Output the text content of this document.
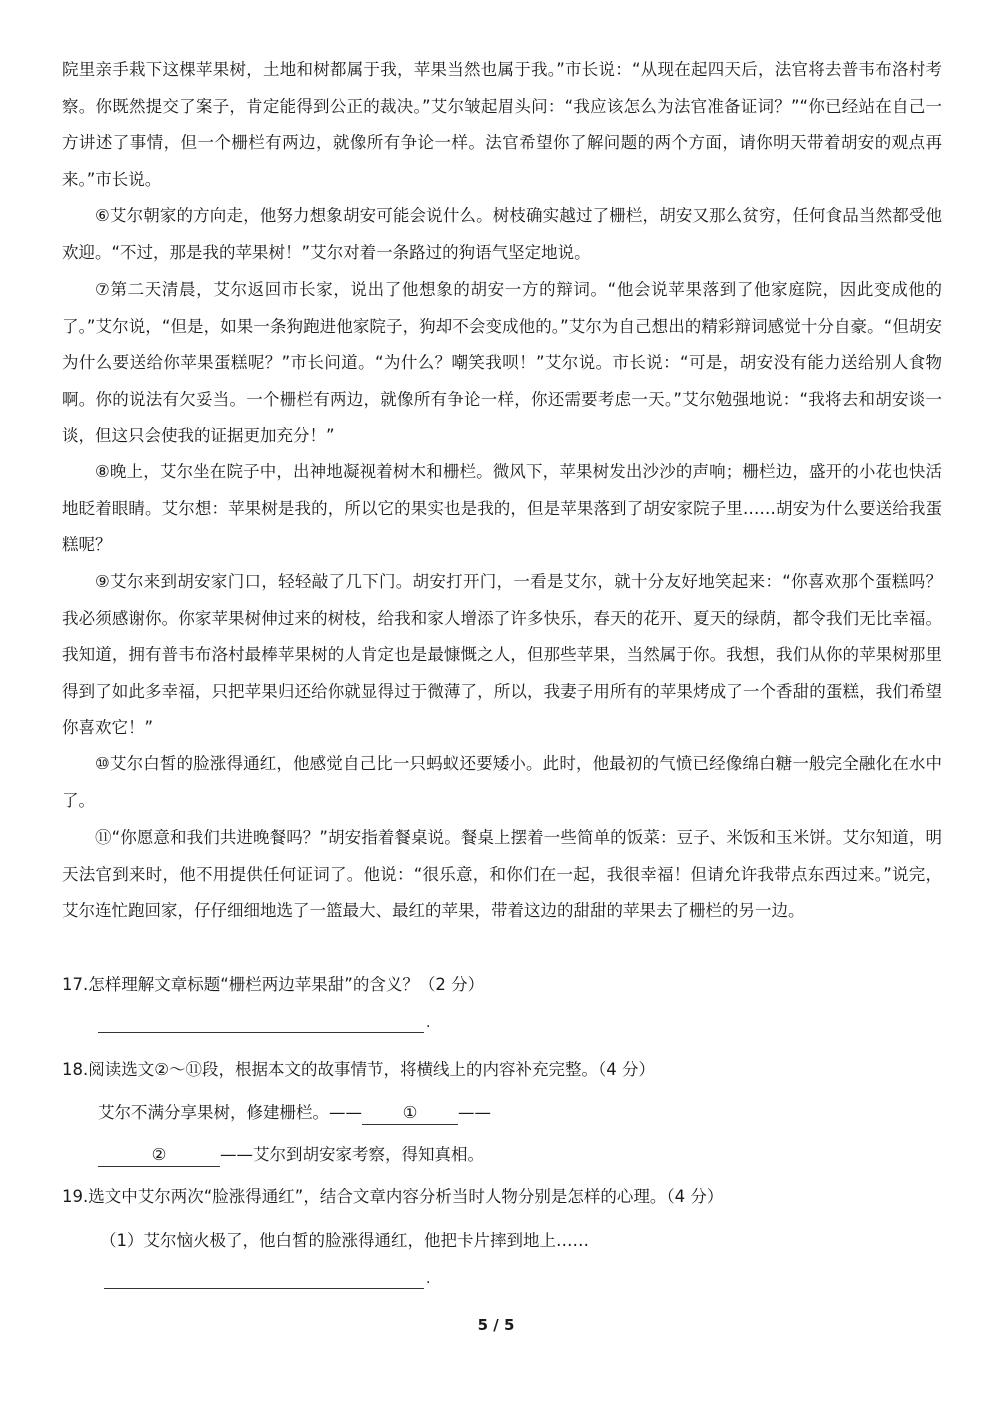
院里亲手栽下这棵苹果树，土地和树都属于我，苹果当然也属于我。”市长说：“从现在起四天后，法官将去普韦布洛村考察。你既然提交了案子，肯定能得到公正的裁决。”艾尔皱起眉头问：“我应该怎么为法官准备证词？”“你已经站在自己一方讲述了事情，但一个栅栏有两边，就像所有争论一样。法官希望你了解问题的两个方面，请你明天带着胡安的观点再来。”市长说。

⑥艾尔朝家的方向走，他努力想象胡安可能会说什么。树枝确实越过了栅栏，胡安又那么贫穷，任何食品当然都受他欢迎。“不过，那是我的苹果树！”艾尔对着一条路过的狗语气坚定地说。

⑦第二天清晨，艾尔返回市长家，说出了他想象的胡安一方的辩词。“他会说苹果落到了他家庭院，因此变成他的了。”艾尔说，“但是，如果一条狗跑进他家院子，狗却不会变成他的。”艾尔为自己想出的精彩辩词感觉十分自豪。“但胡安为什么要送给你苹果蛋糕呢？”市长问道。“为什么？嘲笑我呗！”艾尔说。市长说：“可是，胡安没有能力送给别人食物啊。你的说法有欠妥当。一个栅栏有两边，就像所有争论一样，你还需要考虑一天。”艾尔勉强地说：“我将去和胡安谈一谈，但这只会使我的证据更加充分！”

⑧晚上，艾尔坐在院子中，出神地凝视着树木和栅栏。微风下，苹果树发出沙沙的声响；栅栏边，盛开的小花也快活地眨着眼睛。艾尔想：苹果树是我的，所以它的果实也是我的，但是苹果落到了胡安家院子里……胡安为什么要送给我蛋糕呢？

⑨艾尔来到胡安家门口，轻轻敲了几下门。胡安打开门，一看是艾尔，就十分友好地笑起来：“你喜欢那个蛋糕吗？我必须感谢你。你家苹果树伸过来的树枝，给我和家人增添了许多快乐，春天的花开、夏天的绿荫，都令我们无比幸福。我知道，拥有普韦布洛村最棒苹果树的人肯定也是最慷慨之人，但那些苹果，当然属于你。我想，我们从你的苹果树那里得到了如此多幸福，只把苹果归还给你就显得过于微薄了，所以，我妻子用所有的苹果烤成了一个香甜的蛋糕，我们希望你喜欢它！”

⑩艾尔白皙的脸涨得通红，他感觉自己比一只蚂蚁还要矮小。此时，他最初的气愤已经像绵白糖一般完全融化在水中了。

⑪“你愿意和我们共进晚餐吗？”胡安指着餐桌说。餐桌上摆着一些简单的饭菜：豆子、米饭和玉米饼。艾尔知道，明天法官到来时，他不用提供任何证词了。他说：“很乐意，和你们在一起，我很幸福！但请允许我带点东西过来。”说完，艾尔连忙跑回家，仔仔细细地选了一篮最大、最红的苹果，带着这边的甜甜的苹果去了栅栏的另一边。

17.怎样理解文章标题“栅栏两边苹果甜”的含义？（2 分）

.

18.阅读选文②～⑪段，根据本文的故事情节，将横线上的内容补充完整。（4 分）

艾尔不满分享果树，修建栅栏。—— ① ——

②	——艾尔到胡安家考察，得知真相。

19.选文中艾尔两次“脸涨得通红”，结合文章内容分析当时人物分别是怎样的心理。（4 分）

（1）艾尔恼火极了，他白皙的脸涨得通红，他把卡片摔到地上……

.
5 / 5
